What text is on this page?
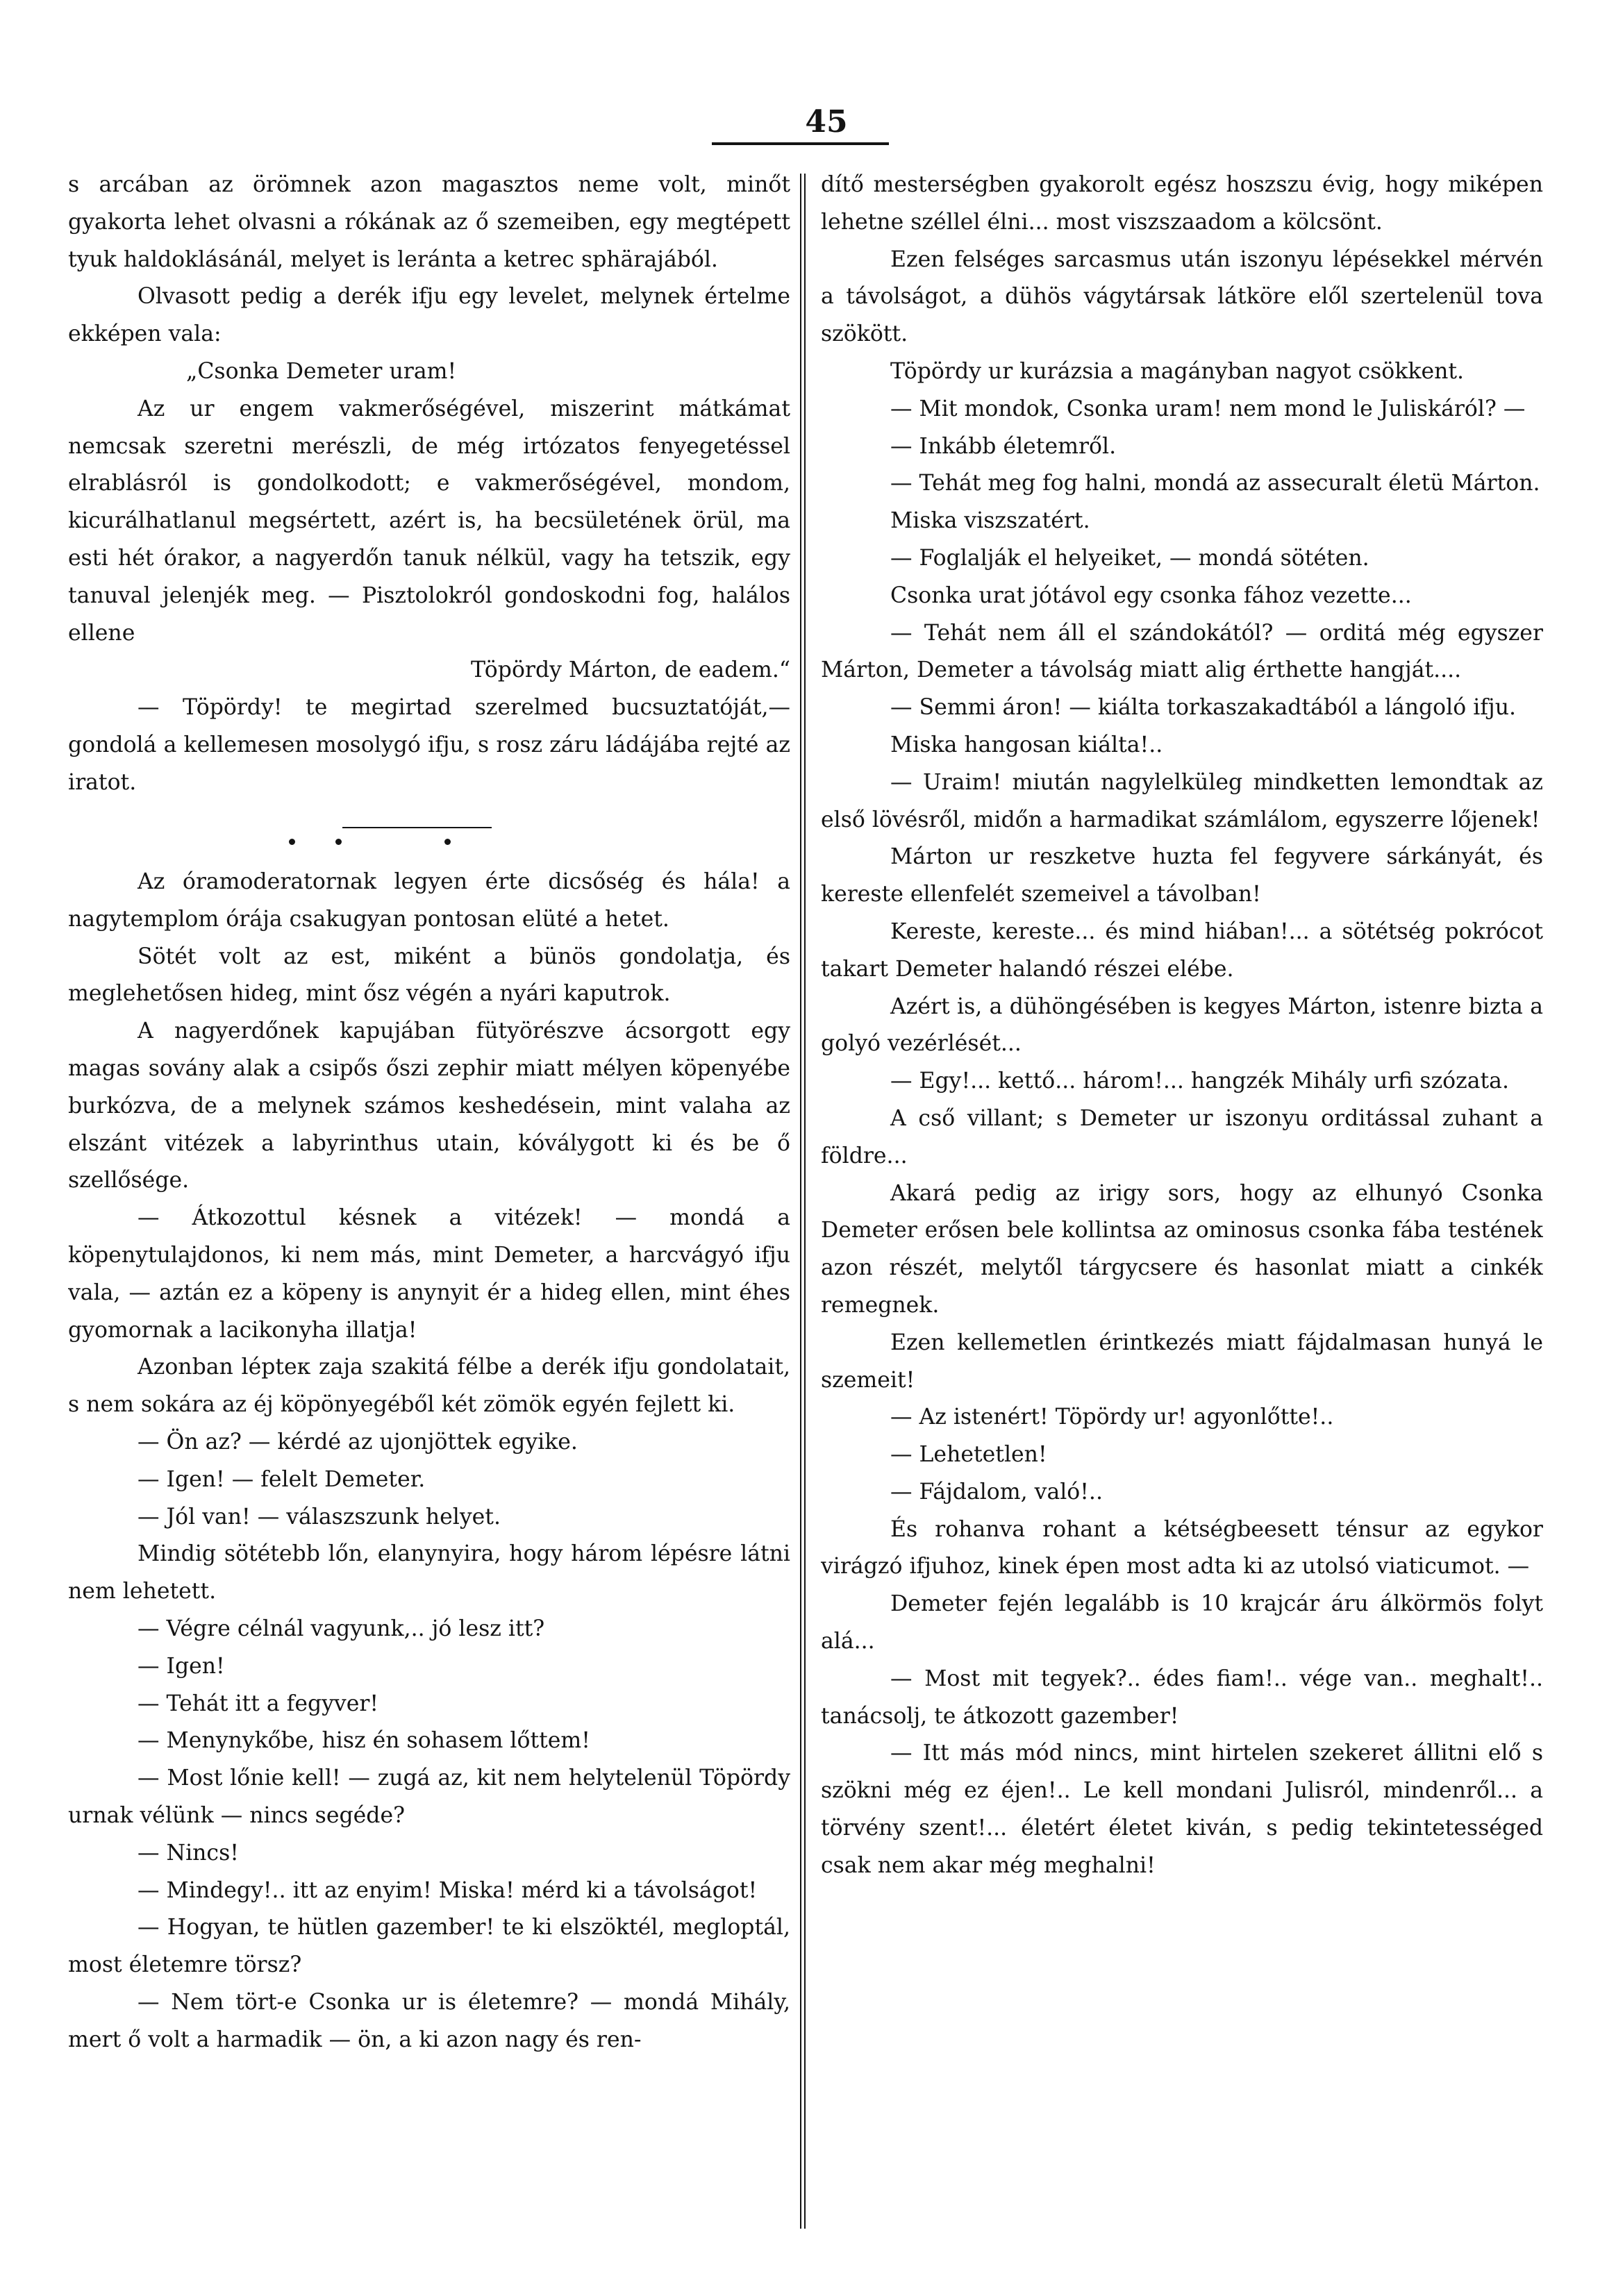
45

s arcában az örömnek azon magasztos neme volt, minőt gyakorta lehet olvasni a rókának az ő szemeiben, egy megtépett tyuk haldoklásánál, melyet is leránta a ketrec sphärajából.

Olvasott pedig a derék ifju egy levelet, melynek értelme ekképen vala:

„Csonka Demeter uram!

Az ur engem vakmerőségével, miszerint mátkámat nemcsak szeretni merészli, de még irtózatos fenyegetéssel elrablásról is gondolkodott; e vakmerőségével, mondom, kicurálhatlanul megsértett, azért is, ha becsületének örül, ma esti hét órakor, a nagyerdőn tanuk nélkül, vagy ha tetszik, egy tanuval jelenjék meg. — Pisztolokról gondoskodni fog, halálos ellene

Töpördy Márton, de eadem.“

— Töpördy! te megirtad szerelmed bucsuztatóját,— gondolá a kellemesen mosolygó ifju, s rosz záru ládájába rejté az iratot.

Az óramoderatornak legyen érte dicsőség és hála! a nagytemplom órája csakugyan pontosan elüté a hetet.

Sötét volt az est, miként a bünös gondolatja, és meglehetősen hideg, mint ősz végén a nyári kaputrok.

A nagyerdőnek kapujában fütyörészve ácsorgott egy magas sovány alak a csipős őszi zephir miatt mélyen köpenyébe burkózva, de a melynek számos keshedésein, mint valaha az elszánt vitézek a labyrinthus utain, kóválygott ki és be ő szellősége.

— Átkozottul késnek a vitézek! — mondá a köpenytulajdonos, ki nem más, mint Demeter, a harcvágyó ifju vala, — aztán ez a köpeny is anynyit ér a hideg ellen, mint éhes gyomornak a lacikonyha illatja!

Azonban lépteк zaja szakitá félbe a derék ifju gondolatait, s nem sokára az éj köpönyegéből két zömök egyén fejlett ki.

— Ön az? — kérdé az ujonjöttek egyike.

— Igen! — felelt Demeter.

— Jól van! — válaszszunk helyet.

Mindig sötétebb lőn, elanynyira, hogy három lépésre látni nem lehetett.

— Végre célnál vagyunk,.. jó lesz itt?

— Igen!

— Tehát itt a fegyver!

— Menynykőbe, hisz én sohasem lőttem!

— Most lőnie kell! — zugá az, kit nem helytelenül Töpördy urnak vélünk — nincs segéde?

— Nincs!

— Mindegy!.. itt az enyim! Miska! mérd ki a távolságot!

— Hogyan, te hütlen gazember! te ki elszöktél, megloptál, most életemre törsz?

— Nem tört-e Csonka ur is életemre? — mondá Mihály, mert ő volt a harmadik — ön, a ki azon nagy és ren-

dítő mesterségben gyakorolt egész hoszszu évig, hogy miképen lehetne széllel élni... most viszszaadom a kölcsönt.

Ezen felséges sarcasmus után iszonyu lépésekkel mérvén a távolságot, a dühös vágytársak látköre elől szertelenül tova szökött.

Töpördy ur kurázsia a magányban nagyot csökkent.

— Mit mondok, Csonka uram! nem mond le Juliskáról? —

— Inkább életemről.

— Tehát meg fog halni, mondá az assecuralt életü Márton.

Miska viszszatért.

— Foglalják el helyeiket, — mondá sötéten.

Csonka urat jótávol egy csonka fához vezette...

— Tehát nem áll el szándokától? — orditá még egyszer Márton, Demeter a távolság miatt alig érthette hangját....

— Semmi áron! — kiálta torkaszakadtából a lángoló ifju.

Miska hangosan kiálta!..

— Uraim! miután nagylelküleg mindketten lemondtak az első lövésről, midőn a harmadikat számlálom, egyszerre lőjenek!

Márton ur reszketve huzta fel fegyvere sárkányát, és kereste ellenfelét szemeivel a távolban!

Kereste, kereste... és mind hiában!... a sötétség pokrócot takart Demeter halandó részei elébe.

Azért is, a dühöngésében is kegyes Márton, istenre bizta a golyó vezérlését...

— Egy!... kettő... három!... hangzék Mihály urfi szózata.

A cső villant; s Demeter ur iszonyu orditással zuhant a földre...

Akará pedig az irigy sors, hogy az elhunyó Csonka Demeter erősen bele kollintsa az ominosus csonka fába testének azon részét, melytől tárgycsere és hasonlat miatt a cinkék remegnek.

Ezen kellemetlen érintkezés miatt fájdalmasan hunyá le szemeit!

— Az istenért! Töpördy ur! agyonlőtte!..

— Lehetetlen!

— Fájdalom, való!..

És rohanva rohant a kétségbeesett ténsur az egykor virágzó ifjuhoz, kinek épen most adta ki az utolsó viaticumot. —

Demeter fején legalább is 10 krajcár áru álkörmös folyt alá...

— Most mit tegyek?.. édes fiam!.. vége van.. meghalt!.. tanácsolj, te átkozott gazember!

— Itt más mód nincs, mint hirtelen szekeret állitni elő s szökni még ez éjen!.. Le kell mondani Julisról, mindenről... a törvény szent!... életért életet kiván, s pedig tekintetességed csak nem akar még meghalni!
